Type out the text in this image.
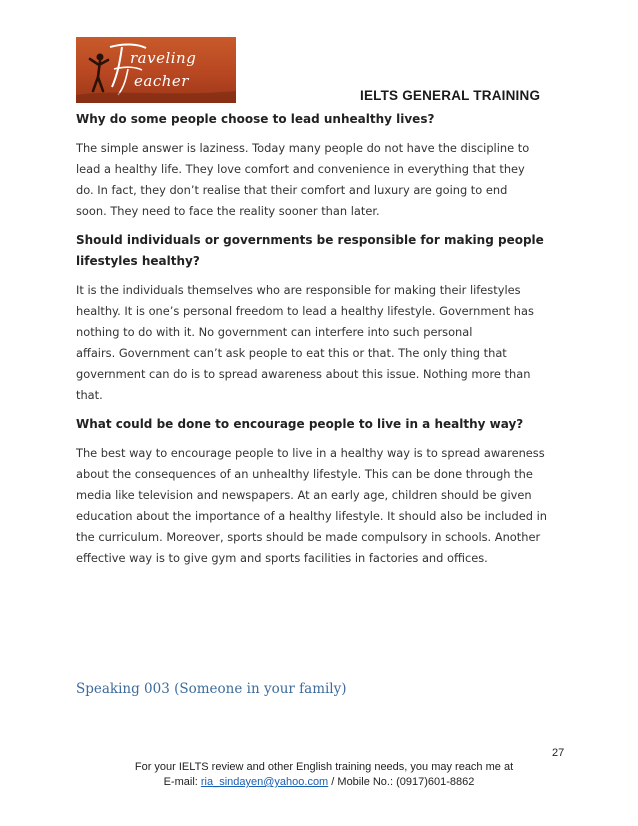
raveling
eacher
IELTS GENERAL TRAINING
Why do some people choose to lead unhealthy lives?
The simple answer is laziness. Today many people do not have the discipline to
lead a healthy life. They love comfort and convenience in everything that they
do. In fact, they don’t realise that their comfort and luxury are going to end
soon. They need to face the reality sooner than later.
Should individuals or governments be responsible for making people
lifestyles healthy?
It is the individuals themselves who are responsible for making their lifestyles
healthy. It is one’s personal freedom to lead a healthy lifestyle. Government has
nothing to do with it. No government can interfere into such personal
affairs. Government can’t ask people to eat this or that. The only thing that
government can do is to spread awareness about this issue. Nothing more than
that.
What could be done to encourage people to live in a healthy way?
The best way to encourage people to live in a healthy way is to spread awareness
about the consequences of an unhealthy lifestyle. This can be done through the
media like television and newspapers. At an early age, children should be given
education about the importance of a healthy lifestyle. It should also be included in
the curriculum. Moreover, sports should be made compulsory in schools. Another
effective way is to give gym and sports facilities in factories and offices.
Speaking 003 (Someone in your family)
27
For your IELTS review and other English training needs, you may reach me at
E-mail: ria_sindayen@yahoo.com / Mobile No.: (0917)601-8862
